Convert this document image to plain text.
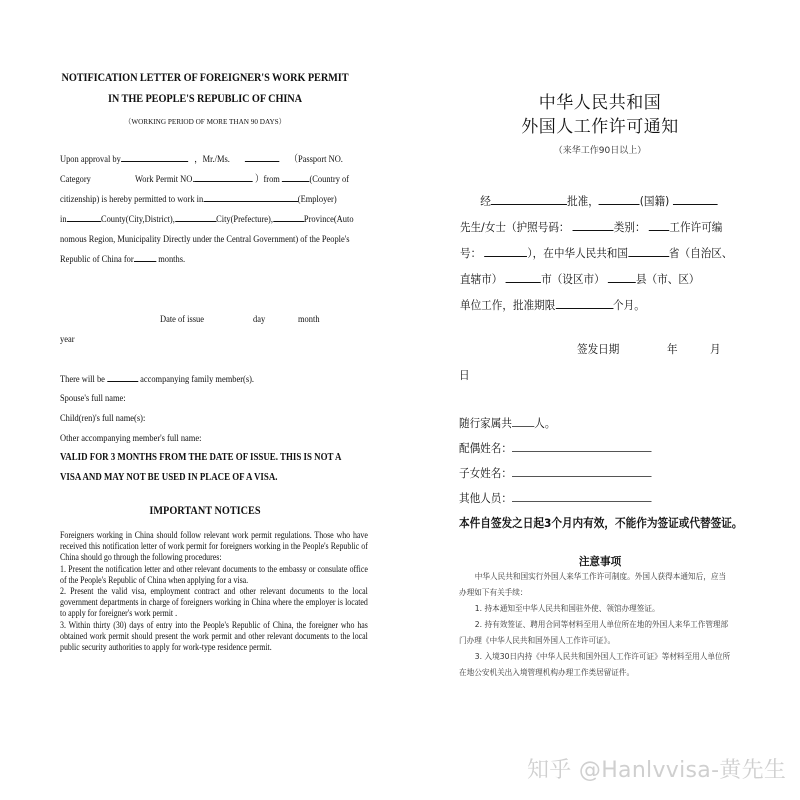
NOTIFICATION LETTER OF FOREIGNER'S WORK PERMIT
IN THE PEOPLE'S REPUBLIC OF CHINA
（WORKING PERIOD OF MORE THAN 90 DAYS）
Upon approval by	，Mr./Ms.	（Passport NO.
Category	Work Permit NO.	）from	(Country of
citizenship) is hereby permitted to work in	(Employer)
in	County(City,District),	City(Prefecture),	Province(Auto
nomous Region, Municipality Directly under the Central Government) of the People's
Republic of China for months.
Date of issue	day	month
year
There will be	accompanying family member(s).
Spouse's full name:
Child(ren)'s full name(s):
Other accompanying member's full name:
VALID FOR 3 MONTHS FROM THE DATE OF ISSUE. THIS IS NOT A
VISA AND MAY NOT BE USED IN PLACE OF A VISA.
IMPORTANT NOTICES

Foreigners working in China should follow relevant work permit regulations. Those who have received this notification letter of work permit for foreigners working in the People's Republic of China should go through the following procedures:

1. Present the notification letter and other relevant documents to the embassy or consulate office of the People's Republic of China when applying for a visa.

2. Present the valid visa, employment contract and other relevant documents to the local government departments in charge of foreigners working in China where the employer is located to apply for foreigner's work permit .

3. Within thirty (30) days of entry into the People's Republic of China, the foreigner who has obtained work permit should present the work permit and other relevant documents to the local public security authorities to apply for work-type residence permit.

中华人民共和国
外国人工作许可通知
（来华工作90日以上）
经	批准，	(国籍)
先生/女士（护照号码：	类别： 工作许可编
号：	），在中华人民共和国	省（自治区、
直辖市）	市（设区市）	县（市、区）
单位工作，批准期限	个月。
签发日期	年	月
日
随行家属共 人。
配偶姓名：
子女姓名：
其他人员：
本件自签发之日起3个月内有效，不能作为签证或代替签证。
注意事项
中华人民共和国实行外国人来华工作许可制度。外国人获得本通知后，应当
办理如下有关手续：
1. 持本通知至中华人民共和国驻外使、领馆办理签证。
2. 持有效签证、聘用合同等材料至用人单位所在地的外国人来华工作管理部
门办理《中华人民共和国外国人工作许可证》。
3. 入境30日内持《中华人民共和国外国人工作许可证》等材料至用人单位所
在地公安机关出入境管理机构办理工作类居留证件。
知乎 @Hanlvvisa-黄先生
